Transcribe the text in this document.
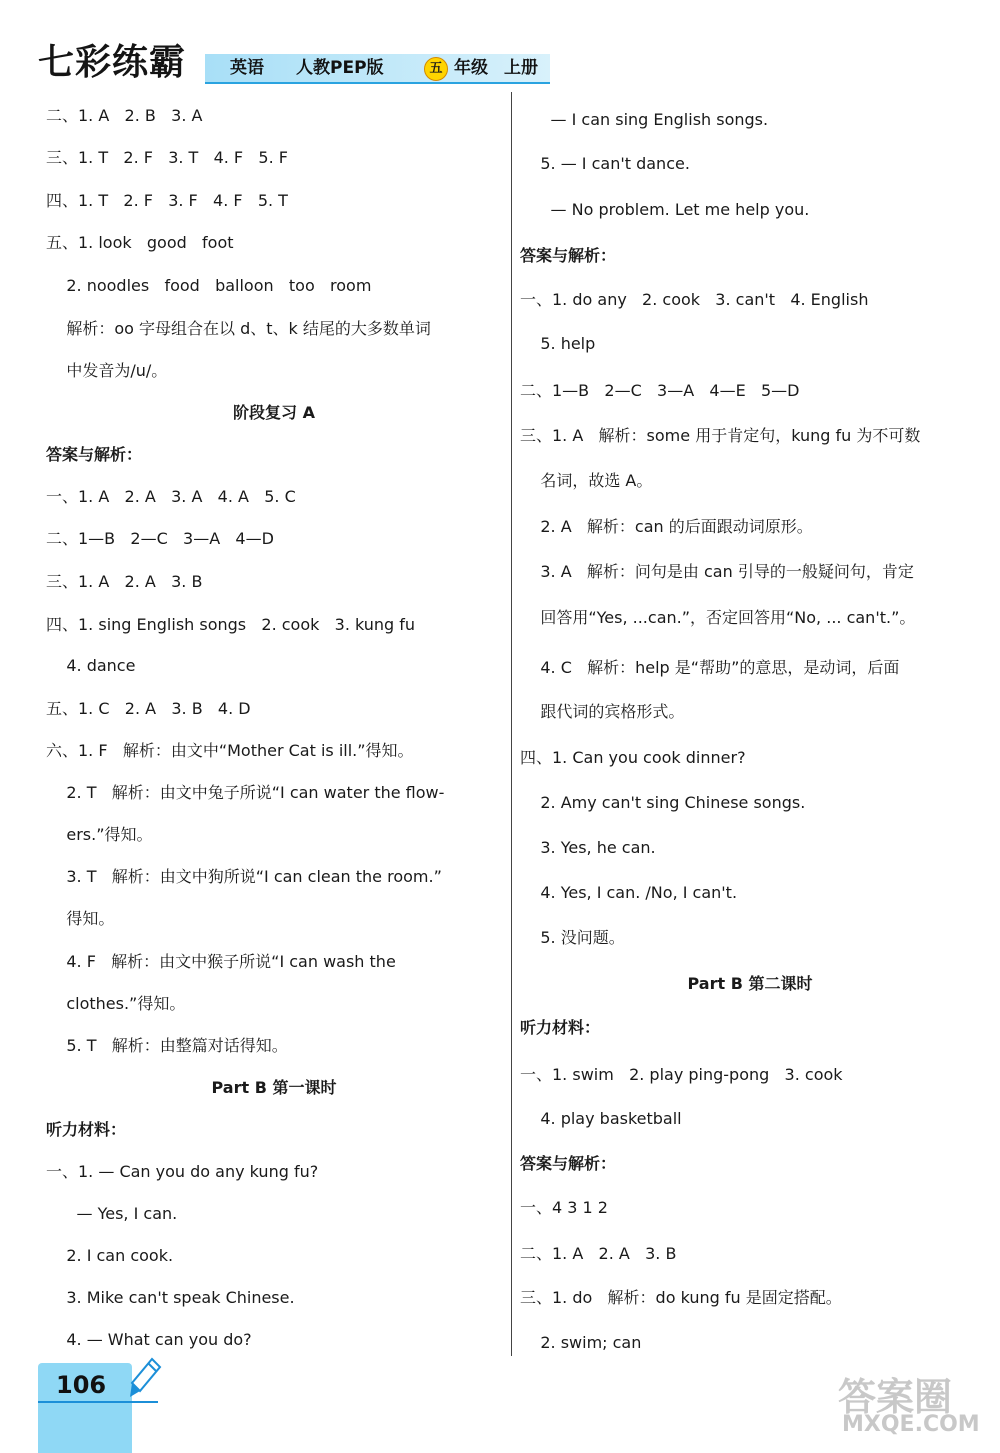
七彩练霸	英语 人教PEP版	五 年级 上册
二、1. A   2. B   3. A
三、1. T   2. F   3. T   4. F   5. F
四、1. T   2. F   3. F   4. F   5. T
五、1. look   good   foot
2. noodles   food   balloon   too   room
解析：oo 字母组合在以 d、t、k 结尾的大多数单词
中发音为/u/。
阶段复习 A
答案与解析：
一、1. A   2. A   3. A   4. A   5. C
二、1—B   2—C   3—A   4—D
三、1. A   2. A   3. B
四、1. sing English songs   2. cook   3. kung fu
4. dance
五、1. C   2. A   3. B   4. D
六、1. F   解析：由文中“Mother Cat is ill.”得知。
2. T   解析：由文中兔子所说“I can water the flow-
ers.”得知。
3. T   解析：由文中狗所说“I can clean the room.”
得知。
4. F   解析：由文中猴子所说“I can wash the
clothes.”得知。
5. T   解析：由整篇对话得知。
Part B 第一课时
听力材料：
一、1. — Can you do any kung fu?
— Yes, I can.
2. I can cook.
3. Mike can't speak Chinese.
4. — What can you do?
— I can sing English songs.
5. — I can't dance.
— No problem. Let me help you.
答案与解析：
一、1. do any   2. cook   3. can't   4. English
5. help
二、1—B   2—C   3—A   4—E   5—D
三、1. A   解析：some 用于肯定句，kung fu 为不可数
名词，故选 A。
2. A   解析：can 的后面跟动词原形。
3. A   解析：问句是由 can 引导的一般疑问句，肯定
回答用“Yes, ...can.”，否定回答用“No, ... can't.”。
4. C   解析：help 是“帮助”的意思，是动词，后面
跟代词的宾格形式。
四、1. Can you cook dinner?
2. Amy can't sing Chinese songs.
3. Yes, he can.
4. Yes, I can. /No, I can't.
5. 没问题。
Part B 第二课时
听力材料：
一、1. swim   2. play ping-pong   3. cook
4. play basketball
答案与解析：
一、4 3 1 2
二、1. A   2. A   3. B
三、1. do   解析：do kung fu 是固定搭配。
2. swim; can
106	答案圈
MXQE.COM
